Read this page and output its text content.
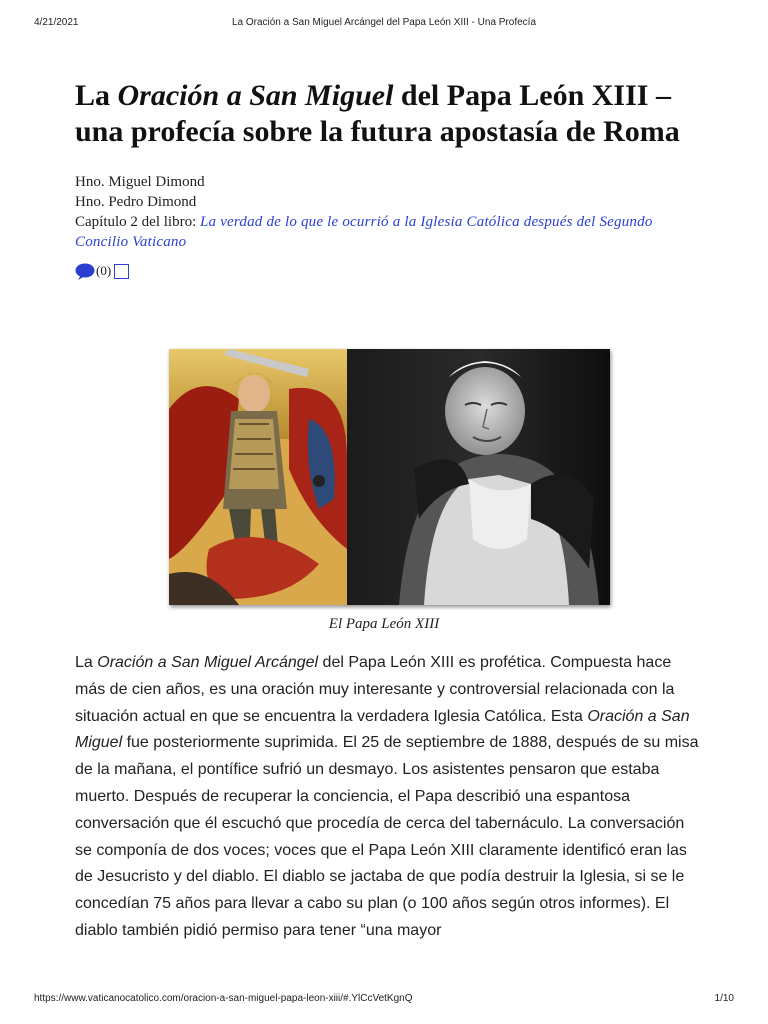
4/21/2021	La Oración a San Miguel Arcángel del Papa León XIII - Una Profecía
La Oración a San Miguel del Papa León XIII – una profecía sobre la futura apostasía de Roma
Hno. Miguel Dimond
Hno. Pedro Dimond
Capítulo 2 del libro: La verdad de lo que le ocurrió a la Iglesia Católica después del Segundo Concilio Vaticano
(0)
El Papa León XIII

La Oración a San Miguel Arcángel del Papa León XIII es profética. Compuesta hace más de cien años, es una oración muy interesante y controversial relacionada con la situación actual en que se encuentra la verdadera Iglesia Católica. Esta Oración a San Miguel fue posteriormente suprimida. El 25 de septiembre de 1888, después de su misa de la mañana, el pontífice sufrió un desmayo. Los asistentes pensaron que estaba muerto. Después de recuperar la conciencia, el Papa describió una espantosa conversación que él escuchó que procedía de cerca del tabernáculo. La conversación se componía de dos voces; voces que el Papa León XIII claramente identificó eran las de Jesucristo y del diablo. El diablo se jactaba de que podía destruir la Iglesia, si se le concedían 75 años para llevar a cabo su plan (o 100 años según otros informes). El diablo también pidió permiso para tener “una mayor

https://www.vaticanocatolico.com/oracion-a-san-miguel-papa-leon-xiii/#.YlCcVetKgnQ	1/10
